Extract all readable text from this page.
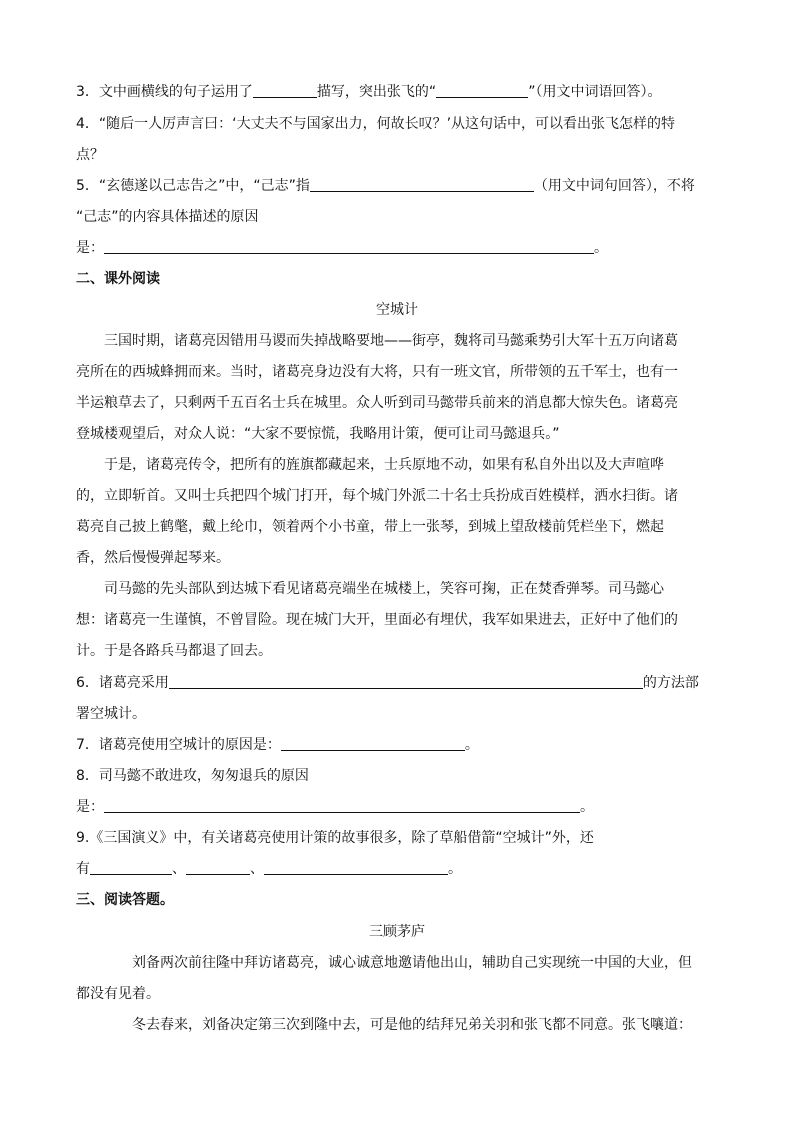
3．文中画横线的句子运用了	描写，突出张飞的“	”（用文中词语回答）。
4．“随后一人厉声言曰：‘大丈夫不与国家出力，何故长叹？’从这句话中，可以看出张飞怎样的特
点？
5．“玄德遂以己志告之”中，“己志”指	（用文中词句回答），不将
“己志”的内容具体描述的原因
是：	。
二、课外阅读
空城计
三国时期，诸葛亮因错用马谡而失掉战略要地——街亭，魏将司马懿乘势引大军十五万向诸葛
亮所在的西城蜂拥而来。当时，诸葛亮身边没有大将，只有一班文官，所带领的五千军士，也有一
半运粮草去了，只剩两千五百名士兵在城里。众人听到司马懿带兵前来的消息都大惊失色。诸葛亮
登城楼观望后，对众人说：“大家不要惊慌，我略用计策，便可让司马懿退兵。”
于是，诸葛亮传令，把所有的旌旗都藏起来，士兵原地不动，如果有私自外出以及大声喧哗
的，立即斩首。又叫士兵把四个城门打开，每个城门外派二十名士兵扮成百姓模样，洒水扫街。诸
葛亮自己披上鹤氅，戴上纶巾，领着两个小书童，带上一张琴，到城上望敌楼前凭栏坐下，燃起
香，然后慢慢弹起琴来。
司马懿的先头部队到达城下看见诸葛亮端坐在城楼上，笑容可掬，正在焚香弹琴。司马懿心
想：诸葛亮一生谨慎，不曾冒险。现在城门大开，里面必有埋伏，我军如果进去，正好中了他们的
计。于是各路兵马都退了回去。
6．诸葛亮采用	的方法部
署空城计。
7．诸葛亮使用空城计的原因是：	。
8．司马懿不敢进攻，匆匆退兵的原因
是：	。
9.《三国演义》中，有关诸葛亮使用计策的故事很多，除了草船借箭“空城计”外，还
有	、	、	。
三、阅读答题。
三顾茅庐
刘备两次前往隆中拜访诸葛亮，诚心诚意地邀请他出山，辅助自己实现统一中国的大业，但
都没有见着。
冬去春来，刘备决定第三次到隆中去，可是他的结拜兄弟关羽和张飞都不同意。张飞嚷道：
